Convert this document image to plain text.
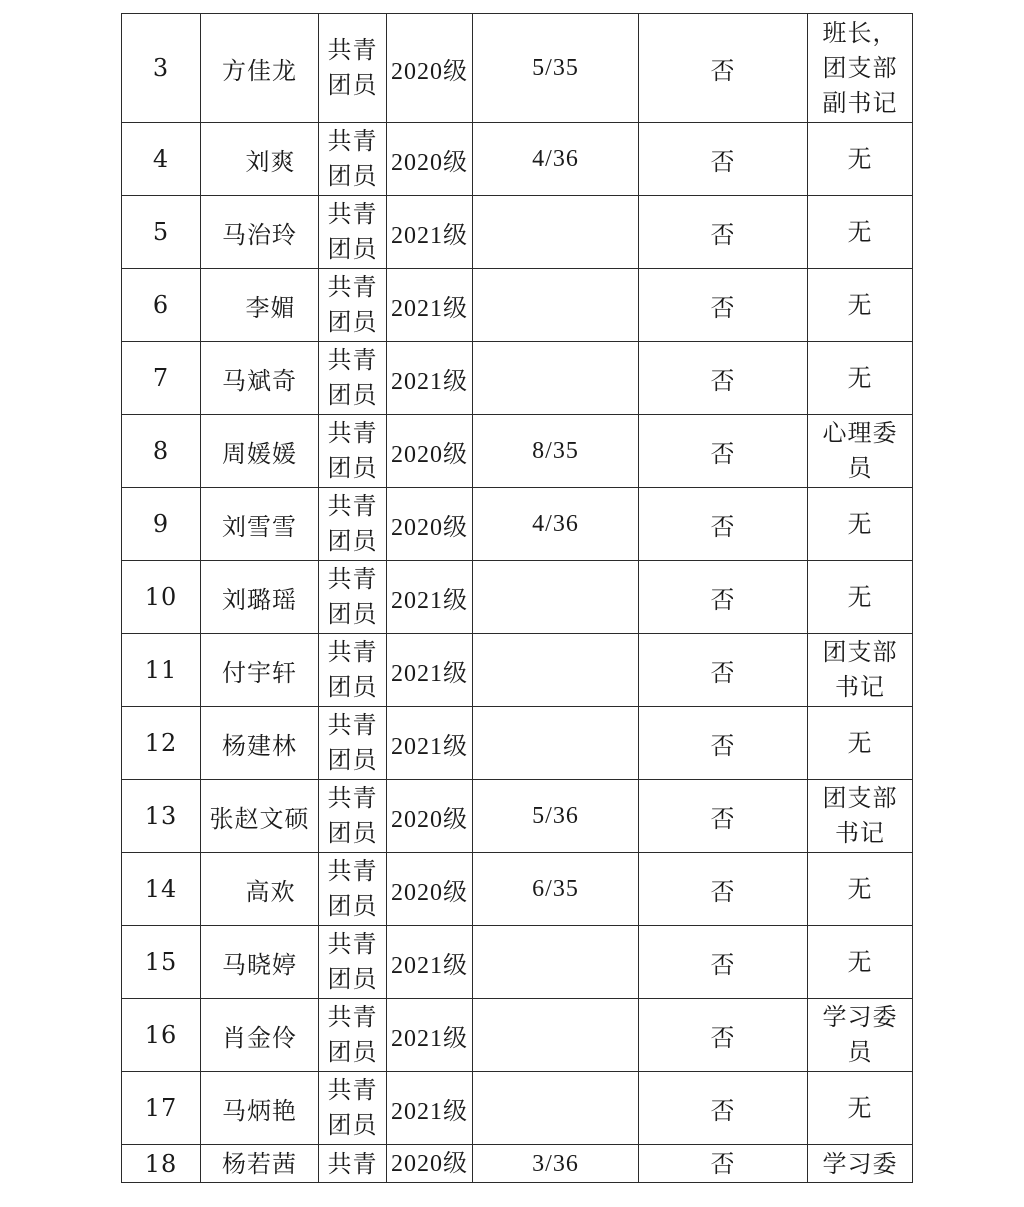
3	方佳龙	共青
团员	2020级	5/35	否	班长，
团支部
副书记
4	刘爽	共青
团员	2020级	4/36	否	无
5	马治玲	共青
团员	2021级		否	无
6	李媚	共青
团员	2021级		否	无
7	马斌奇	共青
团员	2021级		否	无
8	周媛媛	共青
团员	2020级	8/35	否	心理委
员
9	刘雪雪	共青
团员	2020级	4/36	否	无
10	刘璐瑶	共青
团员	2021级		否	无
11	付宇轩	共青
团员	2021级		否	团支部
书记
12	杨建林	共青
团员	2021级		否	无
13	张赵文硕	共青
团员	2020级	5/36	否	团支部
书记
14	高欢	共青
团员	2020级	6/35	否	无
15	马晓婷	共青
团员	2021级		否	无
16	肖金伶	共青
团员	2021级		否	学习委
员
17	马炳艳	共青
团员	2021级		否	无
18	杨若茜	共青	2020级	3/36	否	学习委
